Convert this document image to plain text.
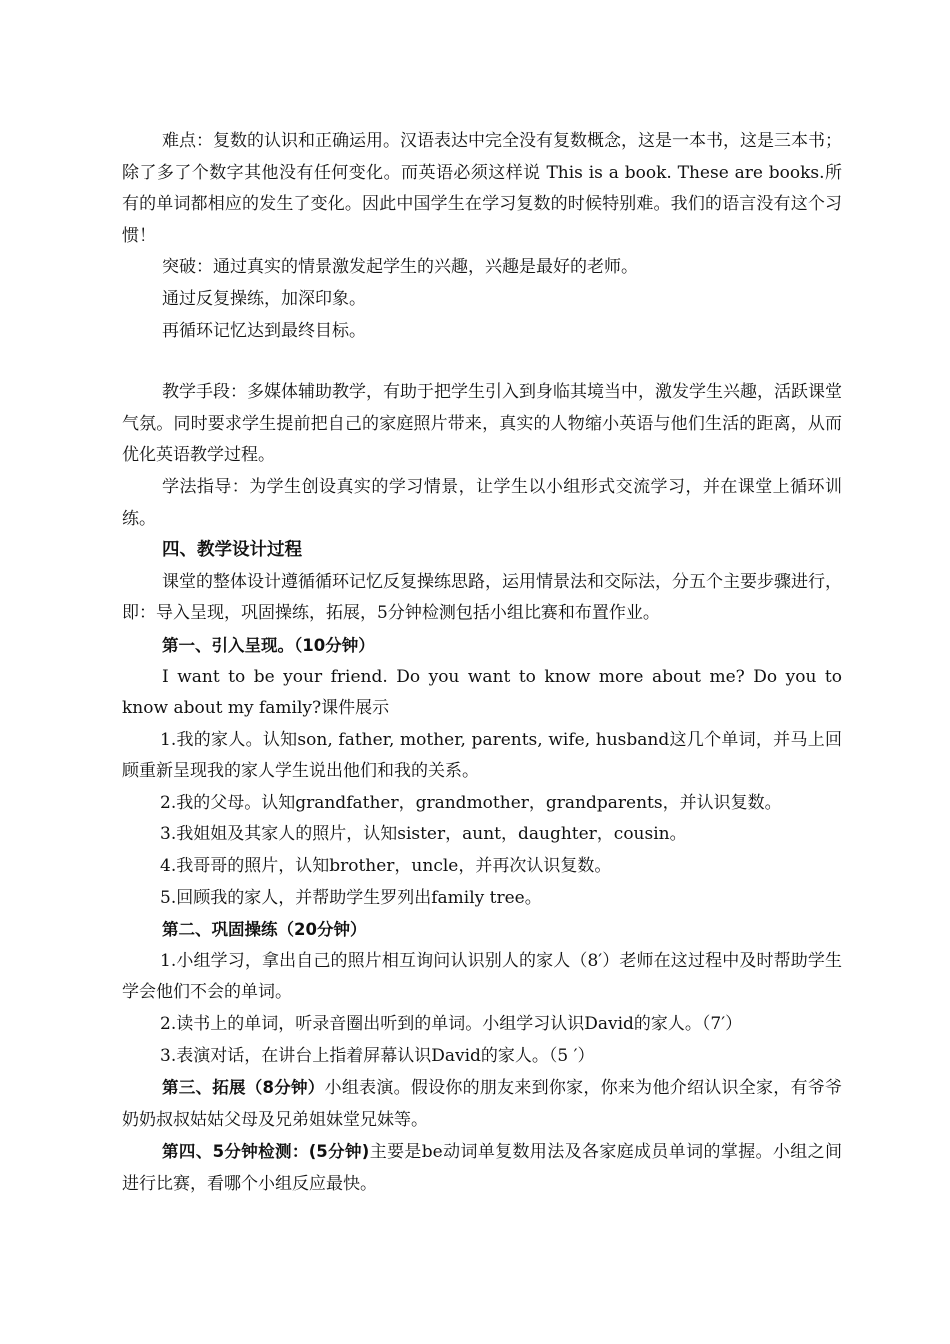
难点：复数的认识和正确运用。汉语表达中完全没有复数概念，这是一本书，这是三本书；除了多了个数字其他没有任何变化。而英语必须这样说 This is a book. These are books.所有的单词都相应的发生了变化。因此中国学生在学习复数的时候特别难。我们的语言没有这个习惯！

突破：通过真实的情景激发起学生的兴趣，兴趣是最好的老师。

通过反复操练，加深印象。

再循环记忆达到最终目标。

教学手段：多媒体辅助教学，有助于把学生引入到身临其境当中，激发学生兴趣，活跃课堂气氛。同时要求学生提前把自己的家庭照片带来，真实的人物缩小英语与他们生活的距离，从而优化英语教学过程。

学法指导：为学生创设真实的学习情景，让学生以小组形式交流学习，并在课堂上循环训练。

四、教学设计过程

课堂的整体设计遵循循环记忆反复操练思路，运用情景法和交际法，分五个主要步骤进行，即：导入呈现，巩固操练，拓展，5分钟检测包括小组比赛和布置作业。

第一、引入呈现。（10分钟）

I want to be your friend. Do you want to know more about me? Do you to know about my family?课件展示

1.我的家人。认知son, father, mother, parents, wife, husband这几个单词，并马上回顾重新呈现我的家人学生说出他们和我的关系。

2.我的父母。认知grandfather，grandmother，grandparents，并认识复数。

3.我姐姐及其家人的照片，认知sister，aunt，daughter，cousin。

4.我哥哥的照片，认知brother，uncle，并再次认识复数。

5.回顾我的家人，并帮助学生罗列出family tree。

第二、巩固操练（20分钟）

1.小组学习，拿出自己的照片相互询问认识别人的家人（8′）老师在这过程中及时帮助学生学会他们不会的单词。

2.读书上的单词，听录音圈出听到的单词。小组学习认识David的家人。（7′）

3.表演对话，在讲台上指着屏幕认识David的家人。（5 ′）

第三、拓展（8分钟）小组表演。假设你的朋友来到你家，你来为他介绍认识全家，有爷爷奶奶叔叔姑姑父母及兄弟姐妹堂兄妹等。

第四、5分钟检测：(5分钟)主要是be动词单复数用法及各家庭成员单词的掌握。小组之间进行比赛，看哪个小组反应最快。
